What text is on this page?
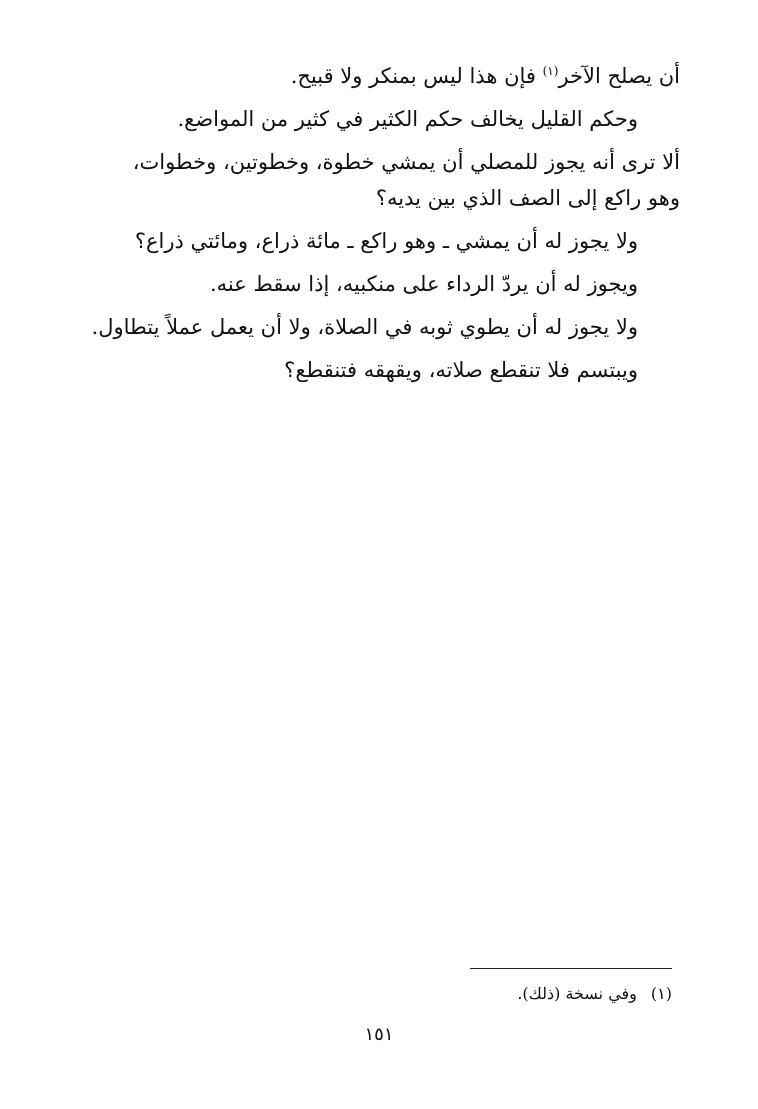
أن يصلح الآخر$^{(١)}$ فإن هذا ليس بمنكر ولا قبيح.
وحكم القليل يخالف حكم الكثير في كثير من المواضع.
ألا ترى أنه يجوز للمصلي أن يمشي خطوة، وخطوتين، وخطوات،
وهو راكع إلى الصف الذي بين يديه؟
ولا يجوز له أن يمشي ـ وهو راكع ـ مائة ذراع، ومائتي ذراع؟
ويجوز له أن يردّ الرداء على منكبيه، إذا سقط عنه.
ولا يجوز له أن يطوي ثوبه في الصلاة، ولا أن يعمل عملاً يتطاول.
ويبتسم فلا تنقطع صلاته، ويقهقه فتنقطع؟
(١)وفي نسخة (ذلك).
١٥١
